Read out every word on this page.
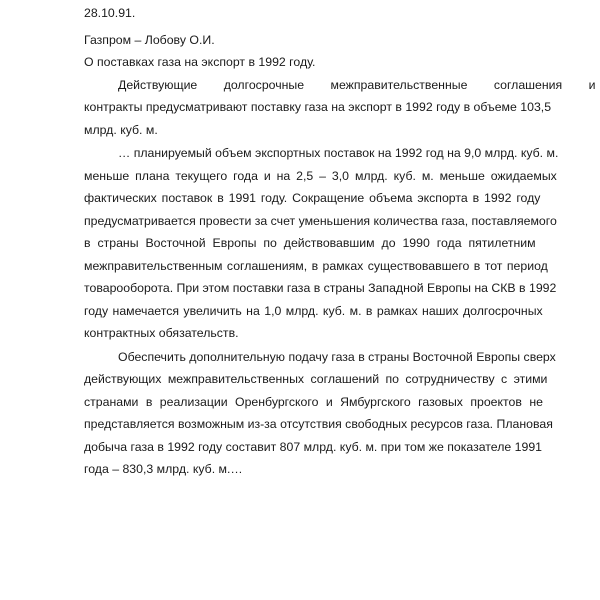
28.10.91.
Газпром – Лобову О.И.
О поставках газа на экспорт в 1992 году.
Действующие долгосрочные межправительственные соглашения и
контракты предусматривают поставку газа на экспорт в 1992 году в объеме 103,5
млрд. куб. м.
… планируемый объем экспортных поставок на 1992 год на 9,0 млрд. куб. м.
меньше плана текущего года и на 2,5 – 3,0 млрд. куб. м. меньше ожидаемых
фактических поставок в 1991 году. Сокращение объема экспорта в 1992 году
предусматривается провести за счет уменьшения количества газа, поставляемого
в страны Восточной Европы по действовавшим до 1990 года пятилетним
межправительственным соглашениям, в рамках существовавшего в тот период
товарооборота. При этом поставки газа в страны Западной Европы на СКВ в 1992
году намечается увеличить на 1,0 млрд. куб. м. в рамках наших долгосрочных
контрактных обязательств.
Обеспечить дополнительную подачу газа в страны Восточной Европы сверх
действующих межправительственных соглашений по сотрудничеству с этими
странами в реализации Оренбургского и Ямбургского газовых проектов не
представляется возможным из-за отсутствия свободных ресурсов газа. Плановая
добыча газа в 1992 году составит 807 млрд. куб. м. при том же показателе 1991
года – 830,3 млрд. куб. м.…
